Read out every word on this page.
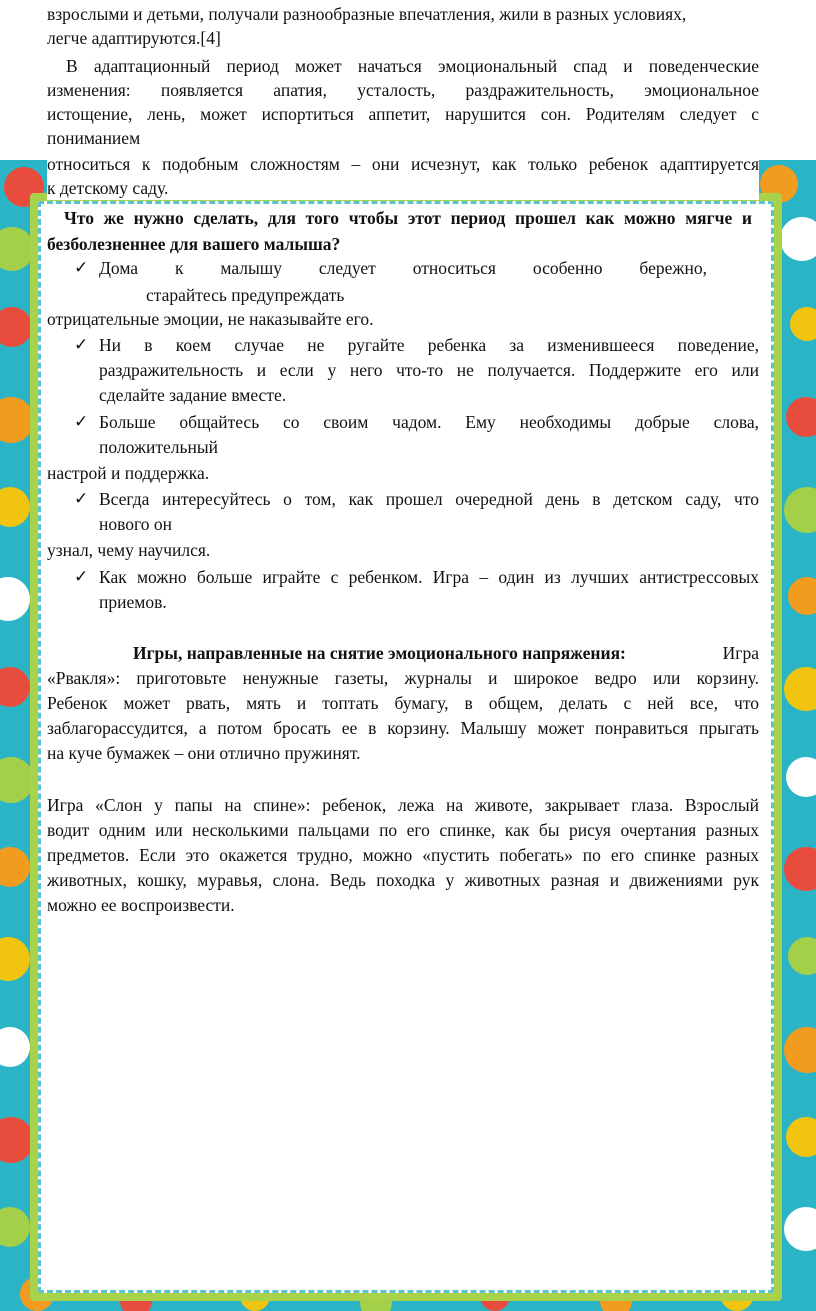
взрослыми и детьми, получали разнообразные впечатления, жили в разных условиях,
легче адаптируются.[4]
В адаптационный период может начаться эмоциональный спад и поведенческие
изменения: появляется апатия, усталость, раздражительность, эмоциональное
истощение, лень, может испортиться аппетит, нарушится сон. Родителям следует с
пониманием
относиться к подобным сложностям – они исчезнут, как только ребенок адаптируется
к детскому саду.
Что же нужно сделать, для того чтобы этот период прошел как можно мягче и
безболезненнее для вашего малыша?
✓ Дома к малышу следует относиться особенно бережно,
старайтесь предупреждать
отрицательные эмоции, не наказывайте его.
✓ Ни в коем случае не ругайте ребенка за изменившееся поведение,
раздражительность и если у него что-то не получается. Поддержите его или
сделайте задание вместе.
✓ Больше общайтесь со своим чадом. Ему необходимы добрые слова,
положительный
настрой и поддержка.
✓ Всегда интересуйтесь о том, как прошел очередной день в детском саду, что
нового он
узнал, чему научился.
✓ Как можно больше играйте с ребенком. Игра – один из лучших антистрессовых
приемов.
Игры, направленные на снятие эмоционального напряжения:	Игра
«Рвакля»: приготовьте ненужные газеты, журналы и широкое ведро или корзину.
Ребенок может рвать, мять и топтать бумагу, в общем, делать с ней все, что
заблагорассудится, а потом бросать ее в корзину. Малышу может понравиться прыгать
на куче бумажек – они отлично пружинят.
Игра «Слон у папы на спине»: ребенок, лежа на животе, закрывает глаза. Взрослый
водит одним или несколькими пальцами по его спинке, как бы рисуя очертания разных
предметов. Если это окажется трудно, можно «пустить побегать» по его спинке разных
животных, кошку, муравья, слона. Ведь походка у животных разная и движениями рук
можно ее воспроизвести.
